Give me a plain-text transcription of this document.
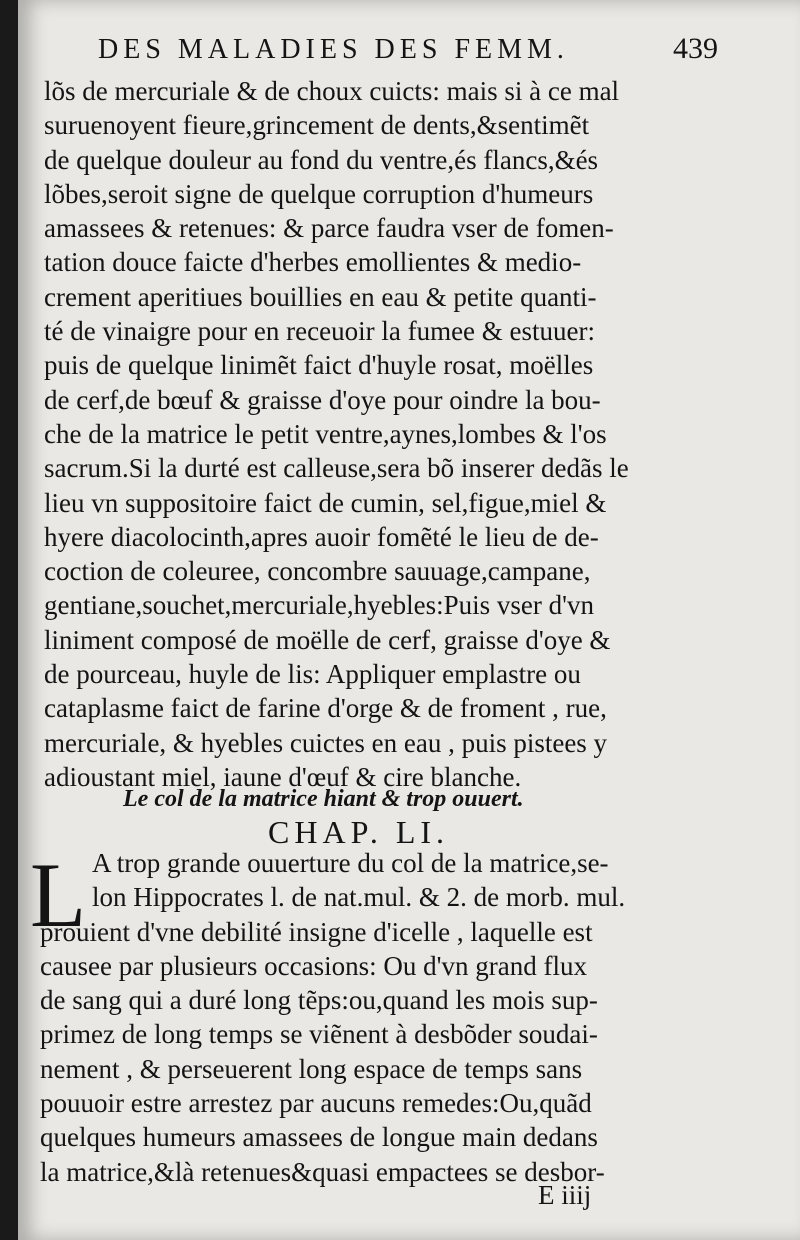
DES MALADIES DES FEMM.	439
lõs de mercuriale & de choux cuicts: mais si à ce mal
suruenoyent fieure,grincement de dents,&sentimẽt
de quelque douleur au fond du ventre,és flancs,&és
lõbes,seroit signe de quelque corruption d'humeurs
amassees & retenues: & parce faudra vser de fomen-
tation douce faicte d'herbes emollientes & medio-
crement aperitiues bouillies en eau & petite quanti-
té de vinaigre pour en receuoir la fumee & estuuer:
puis de quelque linimẽt faict d'huyle rosat, moëlles
de cerf,de bœuf & graisse d'oye pour oindre la bou-
che de la matrice le petit ventre,aynes,lombes & l'os
sacrum.Si la durté est calleuse,sera bõ inserer dedãs le
lieu vn suppositoire faict de cumin, sel,figue,miel &
hyere diacolocinth,apres auoir fomẽté le lieu de de-
coction de coleuree, concombre sauuage,campane,
gentiane,souchet,mercuriale,hyebles:Puis vser d'vn
liniment composé de moëlle de cerf, graisse d'oye &
de pourceau, huyle de lis: Appliquer emplastre ou
cataplasme faict de farine d'orge & de froment , rue,
mercuriale, & hyebles cuictes en eau , puis pistees y
adioustant miel, iaune d'œuf & cire blanche.
Le col de la matrice hiant & trop ouuert.
CHAP. LI.
L A trop grande ouuerture du col de la matrice,se-
lon Hippocrates l. de nat.mul. & 2. de morb. mul.
prouient d'vne debilité insigne d'icelle , laquelle est
causee par plusieurs occasions: Ou d'vn grand flux
de sang qui a duré long tẽps:ou,quand les mois sup-
primez de long temps se viẽnent à desbõder soudai-
nement , & perseuerent long espace de temps sans
pouuoir estre arrestez par aucuns remedes:Ou,quãd
quelques humeurs amassees de longue main dedans
la matrice,&là retenues&quasi empactees se desbor-
E iiij
